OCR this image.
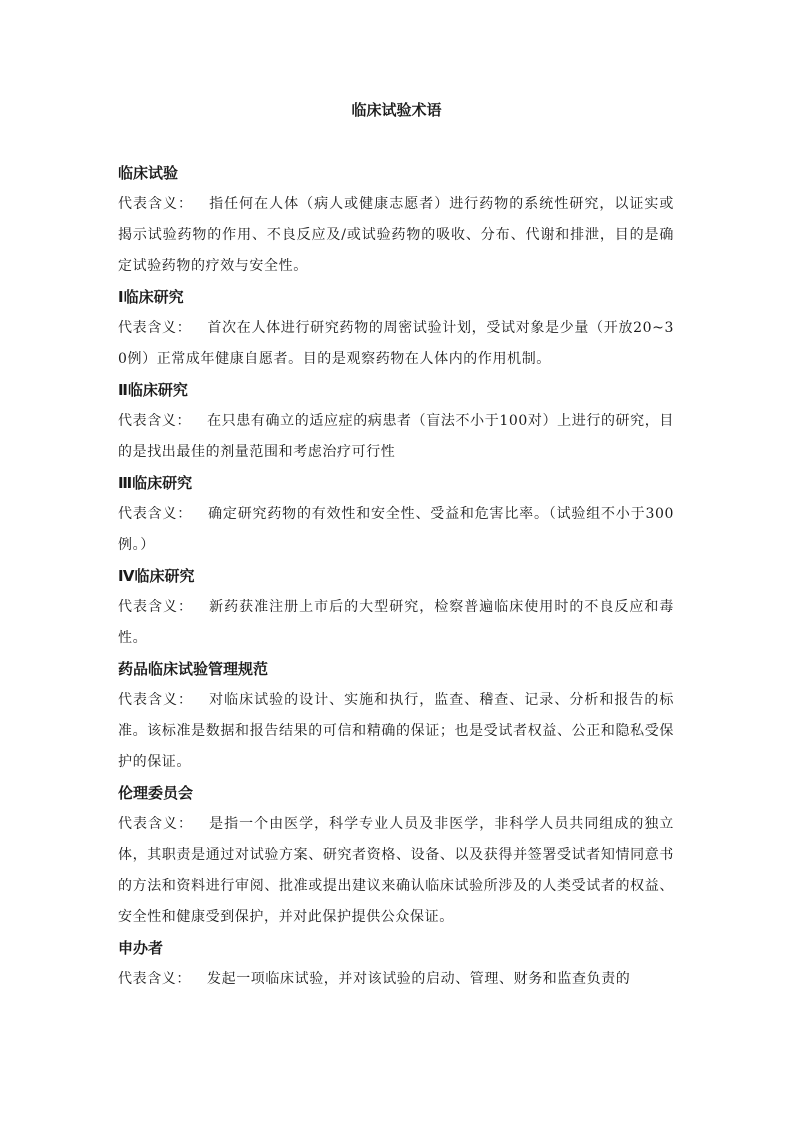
临床试验术语
临床试验
代表含义： 指任何在人体（病人或健康志愿者）进行药物的系统性研究，以证实或揭示试验药物的作用、不良反应及/或试验药物的吸收、分布、代谢和排泄，目的是确定试验药物的疗效与安全性。
Ⅰ临床研究
代表含义： 首次在人体进行研究药物的周密试验计划，受试对象是少量（开放20~30例）正常成年健康自愿者。目的是观察药物在人体内的作用机制。
Ⅱ临床研究
代表含义： 在只患有确立的适应症的病患者（盲法不小于100对）上进行的研究，目的是找出最佳的剂量范围和考虑治疗可行性
Ⅲ临床研究
代表含义： 确定研究药物的有效性和安全性、受益和危害比率。（试验组不小于300例。）
Ⅳ临床研究
代表含义： 新药获准注册上市后的大型研究，检察普遍临床使用时的不良反应和毒性。
药品临床试验管理规范
代表含义： 对临床试验的设计、实施和执行，监查、稽查、记录、分析和报告的标准。该标准是数据和报告结果的可信和精确的保证；也是受试者权益、公正和隐私受保护的保证。
伦理委员会
代表含义： 是指一个由医学，科学专业人员及非医学，非科学人员共同组成的独立体，其职责是通过对试验方案、研究者资格、设备、以及获得并签署受试者知情同意书的方法和资料进行审阅、批准或提出建议来确认临床试验所涉及的人类受试者的权益、安全性和健康受到保护，并对此保护提供公众保证。
申办者
代表含义： 发起一项临床试验，并对该试验的启动、管理、财务和监查负责的
